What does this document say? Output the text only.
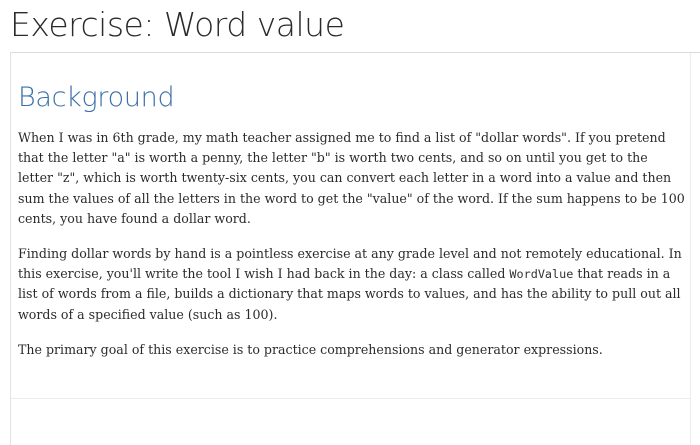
Exercise: Word value
Background

When I was in 6th grade, my math teacher assigned me to find a list of "dollar words". If you pretend that the letter "a" is worth a penny, the letter "b" is worth two cents, and so on until you get to the letter "z", which is worth twenty-six cents, you can convert each letter in a word into a value and then sum the values of all the letters in the word to get the "value" of the word. If the sum happens to be 100 cents, you have found a dollar word.

Finding dollar words by hand is a pointless exercise at any grade level and not remotely educational. In this exercise, you'll write the tool I wish I had back in the day: a class called WordValue that reads in a list of words from a file, builds a dictionary that maps words to values, and has the ability to pull out all words of a specified value (such as 100).

The primary goal of this exercise is to practice comprehensions and generator expressions.
